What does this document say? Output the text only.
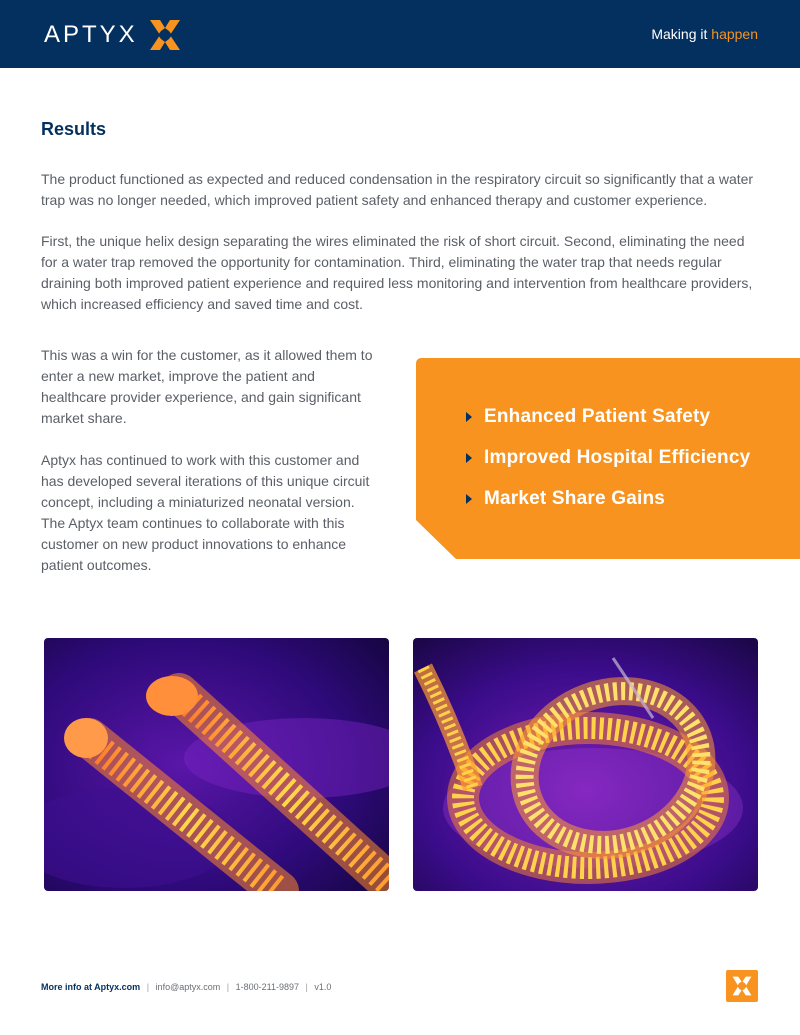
APTYX	Making it happen
Results

The product functioned as expected and reduced condensation in the respiratory circuit so significantly that a water trap was no longer needed, which improved patient safety and enhanced therapy and customer experience.

First, the unique helix design separating the wires eliminated the risk of short circuit. Second, eliminating the need for a water trap removed the opportunity for contamination. Third, eliminating the water trap that needs regular draining both improved patient experience and required less monitoring and intervention from healthcare providers, which increased efficiency and saved time and cost.

This was a win for the customer, as it allowed them to enter a new market, improve the patient and healthcare provider experience, and gain significant market share.

Aptyx has continued to work with this customer and has developed several iterations of this unique circuit concept, including a miniaturized neonatal version. The Aptyx team continues to collaborate with this customer on new product innovations to enhance patient outcomes.

Enhanced Patient Safety
Improved Hospital Efficiency
Market Share Gains
More info at Aptyx.com | info@aptyx.com | 1-800-211-9897 | v1.0
